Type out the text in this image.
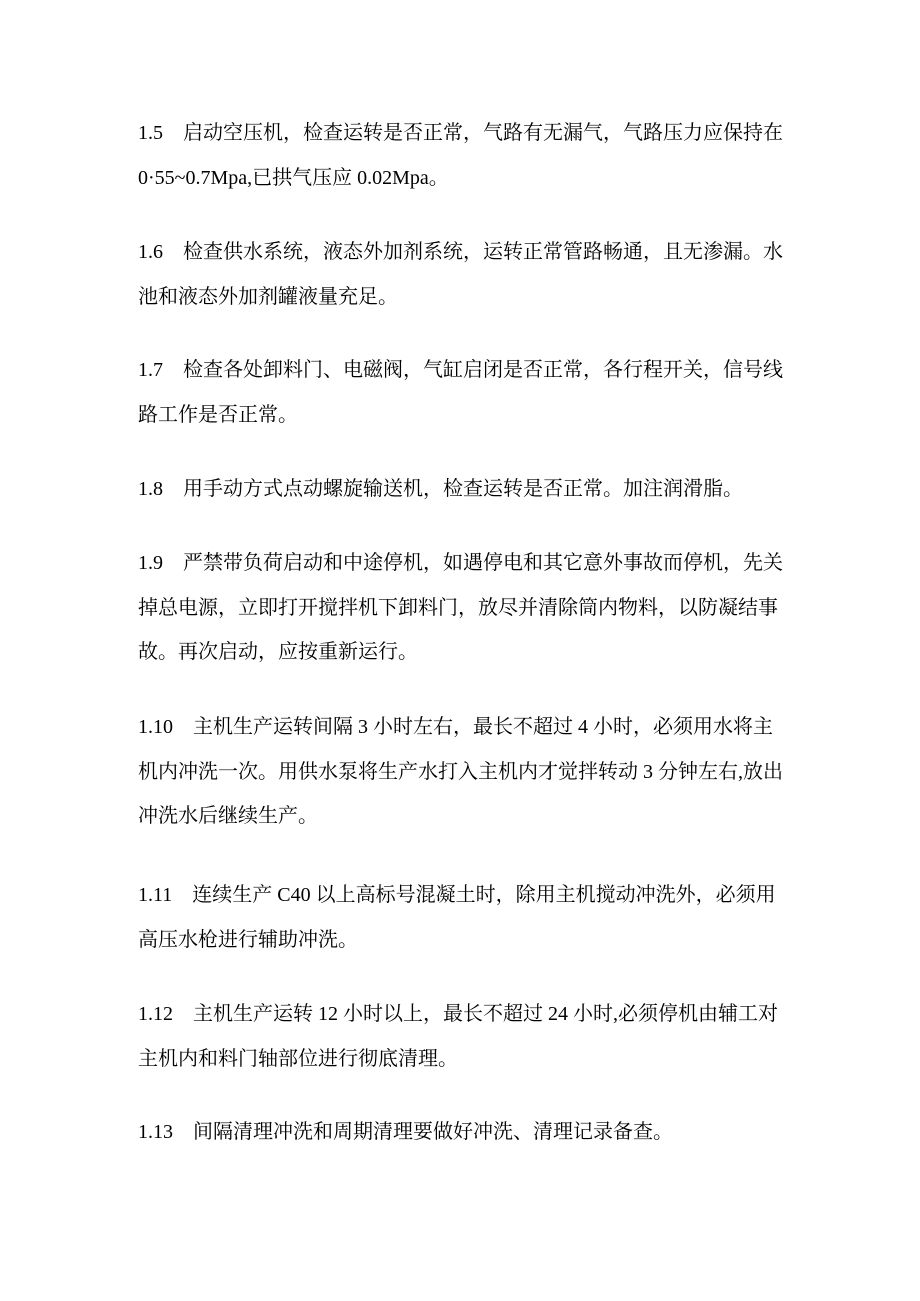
1.5　启动空压机，检查运转是否正常，气路有无漏气，气路压力应保持在
0·55~0.7Mpa,已拱气压应 0.02Mpa。
1.6　检查供水系统，液态外加剂系统，运转正常管路畅通，且无渗漏。水
池和液态外加剂罐液量充足。
1.7　检查各处卸料门、电磁阀，气缸启闭是否正常，各行程开关，信号线
路工作是否正常。
1.8　用手动方式点动螺旋输送机，检查运转是否正常。加注润滑脂。
1.9　严禁带负荷启动和中途停机，如遇停电和其它意外事故而停机，先关
掉总电源，立即打开搅拌机下卸料门，放尽并清除筒内物料，以防凝结事
故。再次启动，应按重新运行。
1.10　主机生产运转间隔 3 小时左右，最长不超过 4 小时，必须用水将主
机内冲洗一次。用供水泵将生产水打入主机内才觉拌转动 3 分钟左右,放出
冲洗水后继续生产。
1.11　连续生产 C40 以上高标号混凝土时，除用主机搅动冲洗外，必须用
高压水枪进行辅助冲洗。
1.12　主机生产运转 12 小时以上，最长不超过 24 小时,必须停机由辅工对
主机内和料门轴部位进行彻底清理。
1.13　间隔清理冲洗和周期清理要做好冲洗、清理记录备查。
